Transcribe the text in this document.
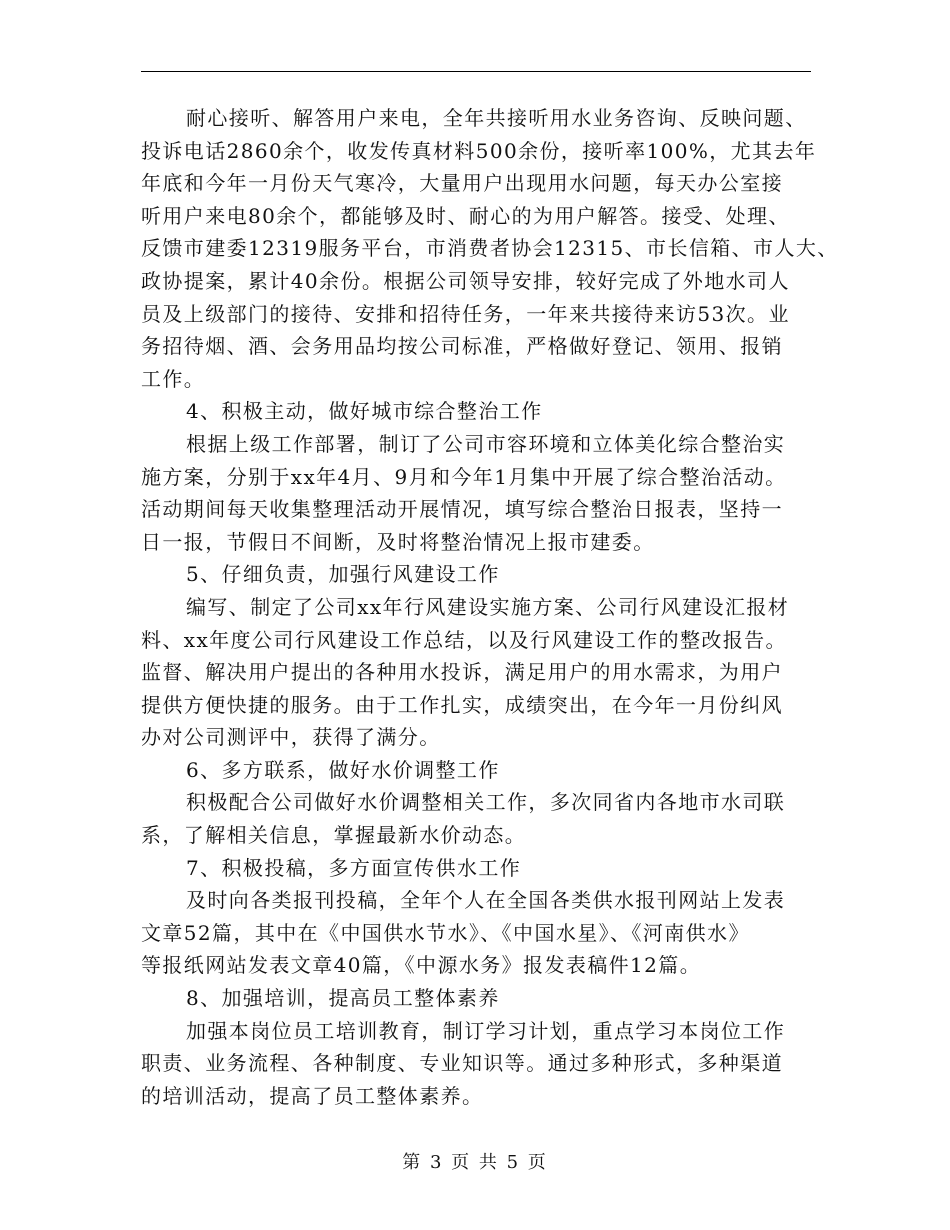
耐心接听、解答用户来电，全年共接听用水业务咨询、反映问题、
投诉电话2860余个，收发传真材料500余份，接听率100%，尤其去年
年底和今年一月份天气寒冷，大量用户出现用水问题，每天办公室接
听用户来电80余个，都能够及时、耐心的为用户解答。接受、处理、
反馈市建委12319服务平台，市消费者协会12315、市长信箱、市人大、
政协提案，累计40余份。根据公司领导安排，较好完成了外地水司人
员及上级部门的接待、安排和招待任务，一年来共接待来访53次。业
务招待烟、酒、会务用品均按公司标准，严格做好登记、领用、报销
工作。
4、积极主动，做好城市综合整治工作
根据上级工作部署，制订了公司市容环境和立体美化综合整治实
施方案，分别于xx年4月、9月和今年1月集中开展了综合整治活动。
活动期间每天收集整理活动开展情况，填写综合整治日报表，坚持一
日一报，节假日不间断，及时将整治情况上报市建委。
5、仔细负责，加强行风建设工作
编写、制定了公司xx年行风建设实施方案、公司行风建设汇报材
料、xx年度公司行风建设工作总结，以及行风建设工作的整改报告。
监督、解决用户提出的各种用水投诉，满足用户的用水需求，为用户
提供方便快捷的服务。由于工作扎实，成绩突出，在今年一月份纠风
办对公司测评中，获得了满分。
6、多方联系，做好水价调整工作
积极配合公司做好水价调整相关工作，多次同省内各地市水司联
系，了解相关信息，掌握最新水价动态。
7、积极投稿，多方面宣传供水工作
及时向各类报刊投稿，全年个人在全国各类供水报刊网站上发表
文章52篇，其中在《中国供水节水》、《中国水星》、《河南供水》
等报纸网站发表文章40篇，《中源水务》报发表稿件12篇。
8、加强培训，提高员工整体素养
加强本岗位员工培训教育，制订学习计划，重点学习本岗位工作
职责、业务流程、各种制度、专业知识等。通过多种形式，多种渠道
的培训活动，提高了员工整体素养。
第 3 页 共 5 页
